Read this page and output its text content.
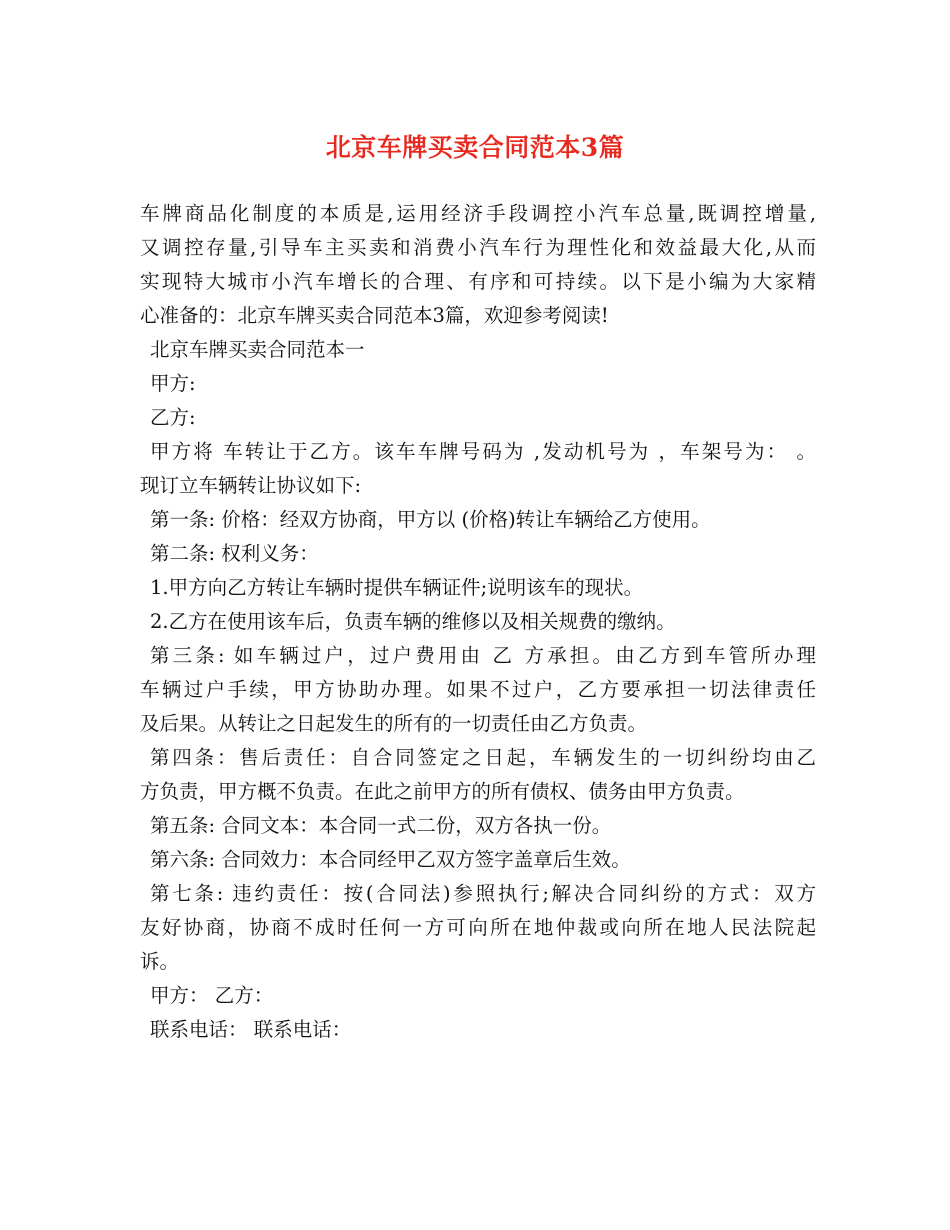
北京车牌买卖合同范本3篇
车牌商品化制度的本质是,运用经济手段调控小汽车总量,既调控增量,
又调控存量,引导车主买卖和消费小汽车行为理性化和效益最大化,从而
实现特大城市小汽车增长的合理、有序和可持续。以下是小编为大家精
心准备的：北京车牌买卖合同范本3篇，欢迎参考阅读!
北京车牌买卖合同范本一
甲方:
乙方:
甲方将 车转让于乙方。该车车牌号码为 ,发动机号为 ，车架号为： 。
现订立车辆转让协议如下:
第一条: 价格：经双方协商，甲方以 (价格)转让车辆给乙方使用。
第二条: 权利义务：
1.甲方向乙方转让车辆时提供车辆证件;说明该车的现状。
2.乙方在使用该车后，负责车辆的维修以及相关规费的缴纳。
第三条: 如车辆过户，过户费用由 乙 方承担。由乙方到车管所办理
车辆过户手续，甲方协助办理。如果不过户，乙方要承担一切法律责任
及后果。从转让之日起发生的所有的一切责任由乙方负责。
第四条：售后责任：自合同签定之日起，车辆发生的一切纠纷均由乙
方负责，甲方概不负责。在此之前甲方的所有债权、债务由甲方负责。
第五条: 合同文本：本合同一式二份，双方各执一份。
第六条: 合同效力：本合同经甲乙双方签字盖章后生效。
第七条: 违约责任：按(合同法)参照执行;解决合同纠纷的方式：双方
友好协商，协商不成时任何一方可向所在地仲裁或向所在地人民法院起
诉。
甲方： 乙方：
联系电话： 联系电话：
